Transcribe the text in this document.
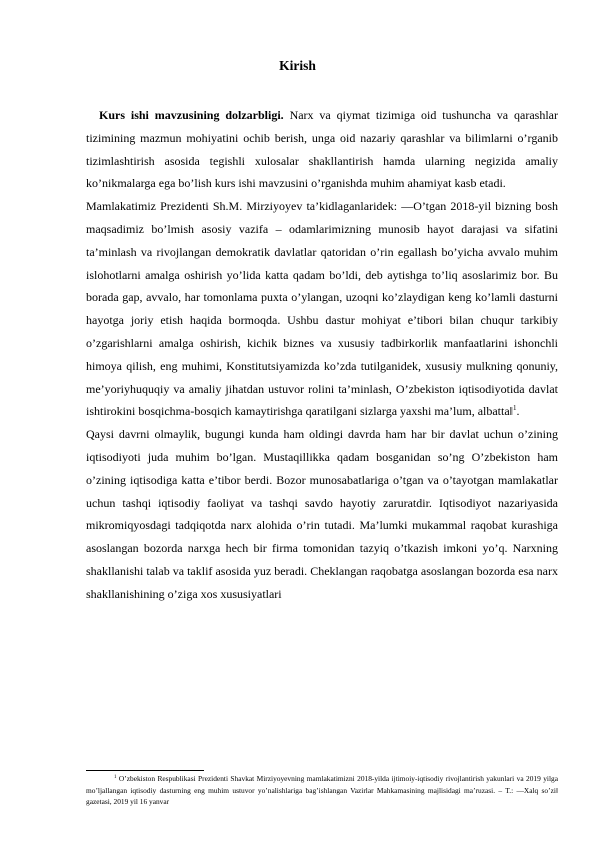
Kirish

Kurs ishi mavzusining dolzarbligi. Narx va qiymat tizimiga oid tushuncha va qarashlar tizimining mazmun mohiyatini ochib berish, unga oid nazariy qarashlar va bilimlarni o’rganib tizimlashtirish asosida tegishli xulosalar shakllantirish hamda ularning negizida amaliy ko’nikmalarga ega bo’lish kurs ishi mavzusini o’rganishda muhim ahamiyat kasb etadi.

Mamlakatimiz Prezidenti Sh.M. Mirziyoyev ta’kidlaganlaridek: ―O’tgan 2018-yil bizning bosh maqsadimiz bo’lmish asosiy vazifa – odamlarimizning munosib hayot darajasi va sifatini ta’minlash va rivojlangan demokratik davlatlar qatoridan o’rin egallash bo’yicha avvalo muhim islohotlarni amalga oshirish yo’lida katta qadam bo’ldi, deb aytishga to’liq asoslarimiz bor. Bu borada gap, avvalo, har tomonlama puxta o’ylangan, uzoqni ko’zlaydigan keng ko’lamli dasturni hayotga joriy etish haqida bormoqda. Ushbu dastur mohiyat e’tibori bilan chuqur tarkibiy o’zgarishlarni amalga oshirish, kichik biznes va xususiy tadbirkorlik manfaatlarini ishonchli himoya qilish, eng muhimi, Konstitutsiyamizda ko’zda tutilganidek, xususiy mulkning qonuniy, me’yoriyhuquqiy va amaliy jihatdan ustuvor rolini ta’minlash, O’zbekiston iqtisodiyotida davlat ishtirokini bosqichma-bosqich kamaytirishga qaratilgani sizlarga yaxshi ma’lum, albatta‖$^1$.

Qaysi davrni olmaylik, bugungi kunda ham oldingi davrda ham har bir davlat uchun o’zining iqtisodiyoti juda muhim bo’lgan. Mustaqillikka qadam bosganidan so’ng O’zbekiston ham o’zining iqtisodiga katta e’tibor berdi. Bozor munosabatlariga o’tgan va o’tayotgan mamlakatlar uchun tashqi iqtisodiy faoliyat va tashqi savdo hayotiy zaruratdir. Iqtisodiyot nazariyasida mikromiqyosdagi tadqiqotda narx alohida o’rin tutadi. Ma’lumki mukammal raqobat kurashiga asoslangan bozorda narxga hech bir firma tomonidan tazyiq o’tkazish imkoni yo’q. Narxning shakllanishi talab va taklif asosida yuz beradi. Cheklangan raqobatga asoslangan bozorda esa narx shakllanishining o’ziga xos xususiyatlari

$^1$ O’zbekiston Respublikasi Prezidenti Shavkat Mirziyoyevning mamlakatimizni 2018-yilda ijtimoiy-iqtisodiy rivojlantirish yakunlari va 2019 yilga mo’ljallangan iqtisodiy dasturning eng muhim ustuvor yo’nalishlariga bag’ishlangan Vazirlar Mahkamasining majlisidagi ma’ruzasi. – T.: ―Xalq so’zi‖ gazetasi, 2019 yil 16 yanvar
